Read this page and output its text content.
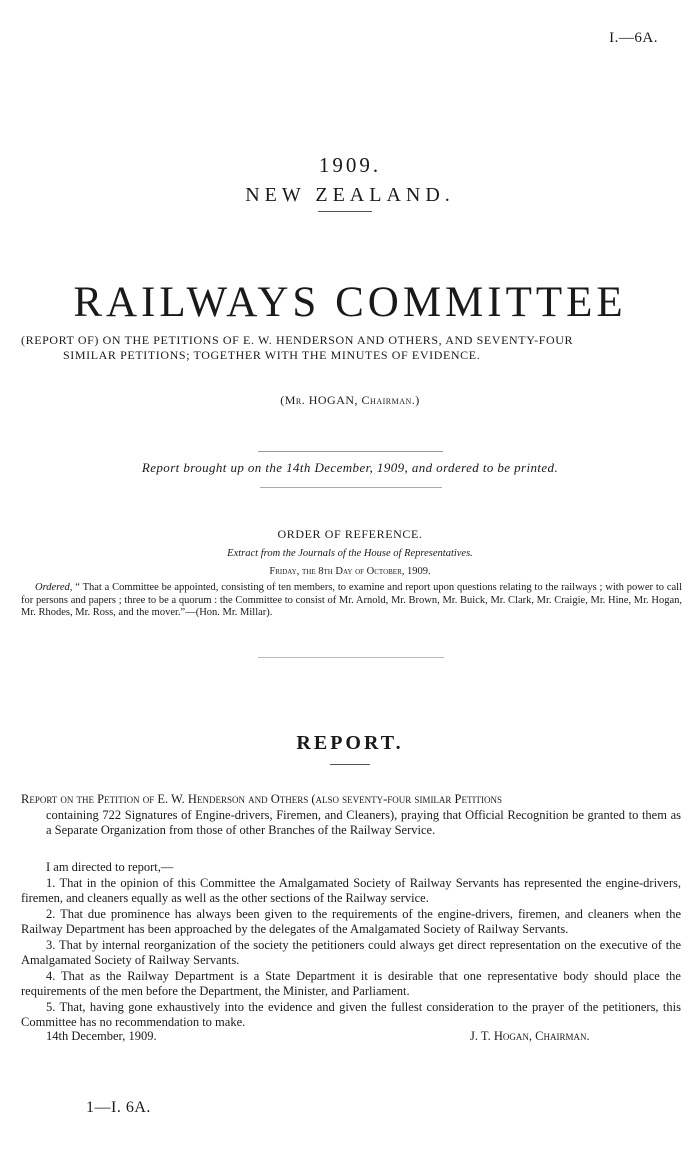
I.—6A.
1909.
NEW ZEALAND.
RAILWAYS COMMITTEE
(REPORT OF) ON THE PETITIONS OF E. W. HENDERSON AND OTHERS, AND SEVENTY-FOUR
SIMILAR PETITIONS; TOGETHER WITH THE MINUTES OF EVIDENCE.
(Mr. HOGAN, Chairman.)
Report brought up on the 14th December, 1909, and ordered to be printed.
ORDER OF REFERENCE.
Extract from the Journals of the House of Representatives.
Friday, the 8th Day of October, 1909.
Ordered, “ That a Committee be appointed, consisting of ten members, to examine and report upon questions relating to the railways ; with power to call for persons and papers ; three to be a quorum : the Committee to consist of Mr. Arnold, Mr. Brown, Mr. Buick, Mr. Clark, Mr. Craigie, Mr. Hine, Mr. Hogan, Mr. Rhodes, Mr. Ross, and the mover.”—(Hon. Mr. Millar).
REPORT.
Report on the Petition of E. W. Henderson and Others (also seventy-four similar Petitions
containing 722 Signatures of Engine-drivers, Firemen, and Cleaners), praying that Official Recognition be granted to them as a Separate Organization from those of other Branches of the Railway Service.

I am directed to report,—

1. That in the opinion of this Committee the Amalgamated Society of Railway Servants has represented the engine-drivers, firemen, and cleaners equally as well as the other sections of the Railway service.

2. That due prominence has always been given to the requirements of the engine-drivers, firemen, and cleaners when the Railway Department has been approached by the delegates of the Amalgamated Society of Railway Servants.

3. That by internal reorganization of the society the petitioners could always get direct representation on the executive of the Amalgamated Society of Railway Servants.

4. That as the Railway Department is a State Department it is desirable that one representative body should place the requirements of the men before the Department, the Minister, and Parliament.

5. That, having gone exhaustively into the evidence and given the fullest consideration to the prayer of the petitioners, this Committee has no recommendation to make.

14th December, 1909.	J. T. Hogan, Chairman.
1—I. 6A.
